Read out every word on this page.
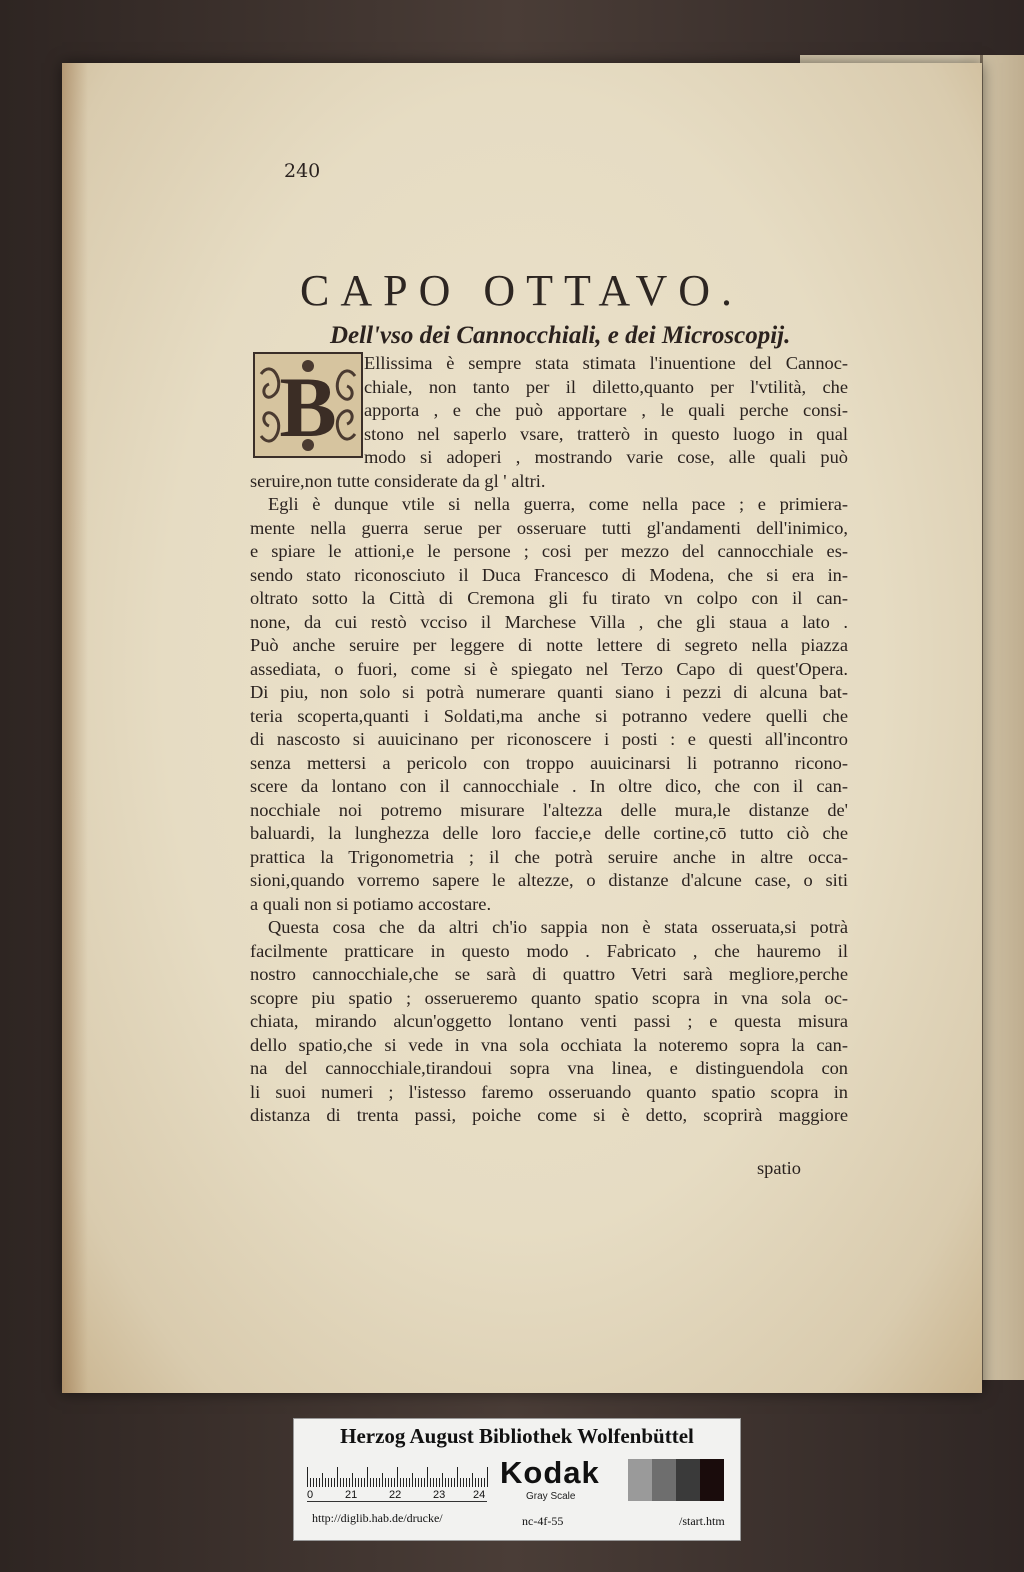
240
CAPO OTTAVO.
Dell'vso dei Cannocchiali, e dei Microscopij.
Ellissima è sempre stata stimata l'inuentione del Cannoc-
chiale, non tanto per il diletto,quanto per l'vtilità, che
apporta , e che può apportare , le quali perche consi-
stono nel saperlo vsare, tratterò in questo luogo in qual
modo si adoperi , mostrando varie cose, alle quali può
seruire,non tutte considerate da gl ' altri.
Egli è dunque vtile si nella guerra, come nella pace ; e primiera-
mente nella guerra serue per osseruare tutti gl'andamenti dell'inimico,
e spiare le attioni,e le persone ; cosi per mezzo del cannocchiale es-
sendo stato riconosciuto il Duca Francesco di Modena, che si era in-
oltrato sotto la Città di Cremona gli fu tirato vn colpo con il can-
none, da cui restò vcciso il Marchese Villa , che gli staua a lato .
Può anche seruire per leggere di notte lettere di segreto nella piazza
assediata, o fuori, come si è spiegato nel Terzo Capo di quest'Opera.
Di piu, non solo si potrà numerare quanti siano i pezzi di alcuna bat-
teria scoperta,quanti i Soldati,ma anche si potranno vedere quelli che
di nascosto si auuicinano per riconoscere i posti : e questi all'incontro
senza mettersi a pericolo con troppo auuicinarsi li potranno ricono-
scere da lontano con il cannocchiale . In oltre dico, che con il can-
nocchiale noi potremo misurare l'altezza delle mura,le distanze de'
baluardi, la lunghezza delle loro faccie,e delle cortine,cō tutto ciò che
prattica la Trigonometria ; il che potrà seruire anche in altre occa-
sioni,quando vorremo sapere le altezze, o distanze d'alcune case, o siti
a quali non si potiamo accostare.
Questa cosa che da altri ch'io sappia non è stata osseruata,si potrà
facilmente pratticare in questo modo . Fabricato , che hauremo il
nostro cannocchiale,che se sarà di quattro Vetri sarà megliore,perche
scopre piu spatio ; osserueremo quanto spatio scopra in vna sola oc-
chiata, mirando alcun'oggetto lontano venti passi ; e questa misura
dello spatio,che si vede in vna sola occhiata la noteremo sopra la can-
na del cannocchiale,tirandoui sopra vna linea, e distinguendola con
li suoi numeri ; l'istesso faremo osseruando quanto spatio scopra in
distanza di trenta passi, poiche come si è detto, scoprirà maggiore
B
spatio
Herzog August Bibliothek Wolfenbüttel
0	21	22	23	24
Kodak
Gray Scale
http://diglib.hab.de/drucke/	nc-4f-55	/start.htm
